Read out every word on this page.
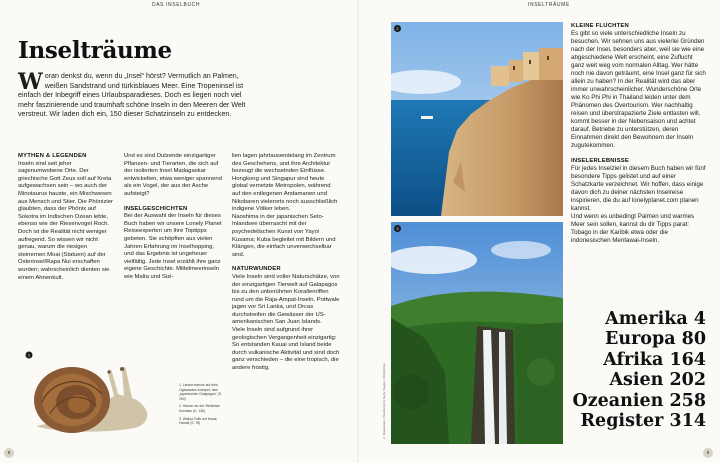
DAS INSELBUCH
Inselträume
Woran denkst du, wenn du „Insel“ hörst? Vermutlich an Palmen, weißen Sandstrand und türkisblaues Meer. Eine Tropeninsel ist einfach der Inbegriff eines Urlaubsparadieses. Doch es liegen noch viel mehr faszinierende und traumhaft schöne Inseln in den Meeren der Welt verstreut. Wir laden dich ein, 150 dieser Schatzinseln zu entdecken.
MYTHEN & LEGENDEN

Inseln sind seit jeher sagenumwobene Orte. Der griechische Gott Zeus soll auf Kreta aufgewachsen sein – wo auch der Minotaurus hauste, ein Mischwesen aus Mensch und Stier. Die Phönizier glaubten, dass der Phönix auf Sokotra im Indischen Ozean lebte, ebenso wie der Riesenvogel Roch. Doch ist die Realität nicht weniger aufregend. So wissen wir nicht genau, warum die riesigen steinernen Moai (Statuen) auf der Osterinsel/Rapa Nui erschaffen wurden; wahrscheinlich dienten sie einem Ahnenkult.

Und es sind Dutzende einzigartiger Pflanzen- und Tierarten, die sich auf der isolierten Insel Madagaskar entwickelten, etwa weniger spannend als ein Vogel, der aus der Asche aufsteigt?

INSELGESCHICHTEN

Bei der Auswahl der Inseln für dieses Buch haben wir unsere Lonely Planet Reiseexperten um ihre Toptipps gebeten. Sie schöpften aus vielen Jahren Erfahrung im Inselhopping, und das Ergebnis ist ungeheuer vielfältig. Jede Insel erzählt ihre ganz eigene Geschichte. Mittelmeerinseln wie Malta und Sizi-

lien lagen jahrtausendelang im Zentrum des Geschehens, und ihre Architektur bezeugt die wechselnden Einflüsse.

Hongkong und Singapur sind heute global vernetzte Metropolen, während auf den entlegenen Andamanen und Nikobaren vielerorts noch ausschließlich indigene Völker leben.

Naoshima in der japanischen Seto-Inlandsee überrascht mit der psychedelischen Kunst von Yayoi Kusama; Kuba begleitet mit Bildern und Klängen, die einfach unverwechselbar sind.

NATURWUNDER

Viele Inseln sind voller Naturschätze, von der einzigartigen Tierwelt auf Galapagos bis zu den unberührten Korallenriffen rund um die Raja-Ampat-Inseln. Pottwale jagen vor Sri Lanka, und Orcas durchstreifen die Gewässer der US-amerikanischen San Juan Islands.

Viele Inseln sind aufgrund ihrer geologischen Vergangenheit einzigartig: So entstanden Kauai und Island beide durch vulkanische Aktivität und sind doch ganz verschieden – die eine tropisch, die andere frostig.

1

1. Landschnecke auf dem Ogasawara-Archipel, dem „japanischen Galapagos“ (S. 250)

2. Häuser an der Steilküste Korsikas (S. 136)

3. Wailua Falls auf Kauai, Hawaii (S. 78)

8
INSELTRÄUME
9
2
3
© Ogasawara / Shutterstock; Getty Images / iStockphoto
KLEINE FLUCHTEN

Es gibt so viele unterschiedliche Inseln zu besuchen. Wir sehnen uns aus vielerlei Gründen nach der Insel, besonders aber, weil sie wie eine abgeschiedene Welt erscheint, eine Zuflucht ganz weit weg vom normalen Alltag. Wer hätte noch nie davon geträumt, eine Insel ganz für sich allein zu haben? In der Realität wird das aber immer unwahrscheinlicher. Wunderschöne Orte wie Ko Phi Phi in Thailand leiden unter dem Phänomen des Overtourism. Wer nachhaltig reisen und überstrapazierte Ziele entlasten will, kommt besser in der Nebensaison und achtet darauf, Betriebe zu unterstützen, deren Einnahmen direkt den Bewohnern der Inseln zugutekommen.

INSELERLEBNISSE

Für jedes Inselziel in diesem Buch haben wir fünf besondere Tipps gelistet und auf einer Schatzkarte verzeichnet. Wir hoffen, dass einige davon dich zu deiner nächsten Inselreise inspirieren, die du auf lonelyplanet.com planen kannst.

Und wenn es unbedingt Palmen und warmes Meer sein sollen, kannst du dir Tipps parat: Tobago in der Karibik etwa oder die indonesischen Mentawai-Inseln.

Amerika 4
Europa 80
Afrika 164
Asien 202
Ozeanien 258
Register 314
